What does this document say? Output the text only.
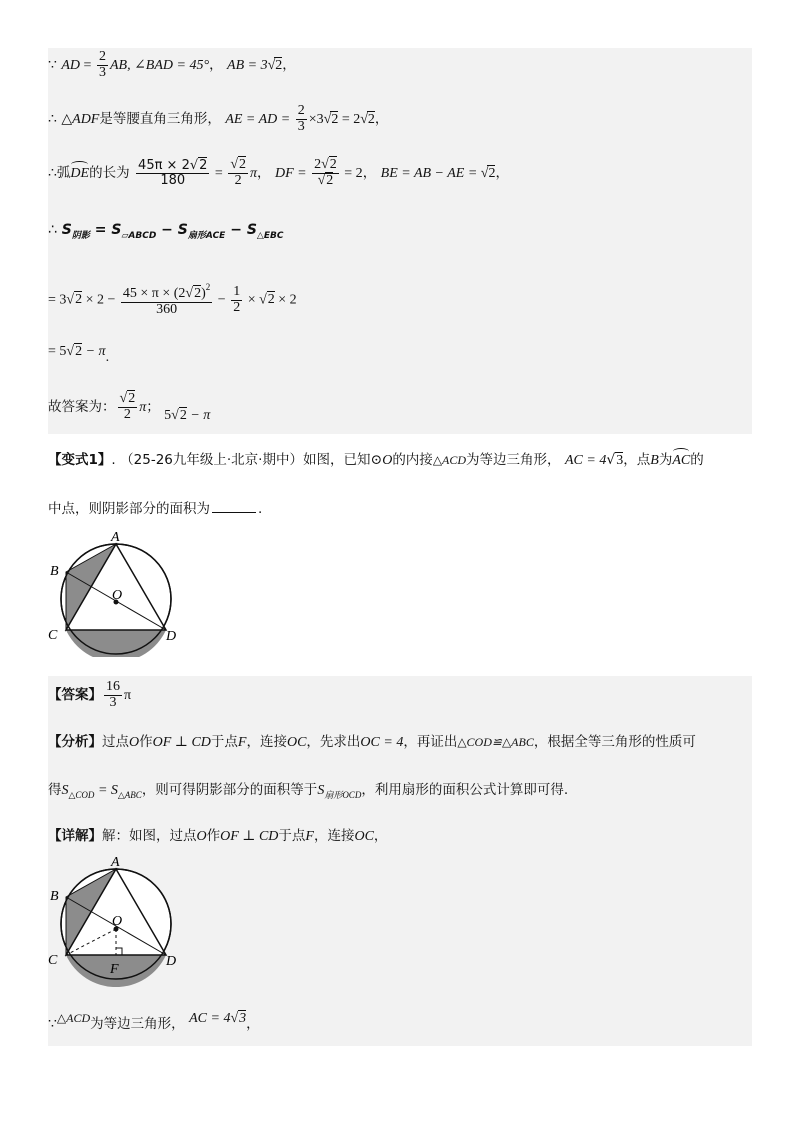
∵ AD = $\frac{2}{3}$ AB, ∠BAD = 45°， AB = 3√2，
∴ △ADF是等腰直角三角形， AE = AD = $\frac{2}{3} \times 3√2 = 2√2$，
∴弧DE的长为 $\frac{45\pi \times 2√2}{180} = \frac{√2}{2}$ π， DF = $\frac{2√2}{√2} = 2$， BE = AB − AE = √2，
∴ $S_{阴影} = S_{▱ABCD} - S_{扇形ACE} - S_{\triangle EBC}$
= $3√2 \times 2 - \frac{45 \times \pi \times (2√2)^2}{360} - \frac{1}{2} \times √2 \times 2$
= 5√2 − π.
故答案为： $\frac{√2}{2}$ π； 5√2 − π
【变式1】. （25-26九年级上·北京·期中）如图，已知⊙O的内接△ACD为等边三角形， AC = 4√3，点B为AC的
中点，则阴影部分的面积为	.
A
B
O
C	D
【答案】 $\frac{16}{3}$ π
【分析】过点O作OF ⊥ CD于点F，连接OC，先求出OC = 4，再证出△COD≌△ABC，根据全等三角形的性质可
得$S_{\triangle COD} = S_{\triangle ABC}$，则可得阴影部分的面积等于$S_{扇形OCD}$，利用扇形的面积公式计算即可得.
【详解】解：如图，过点O作OF ⊥ CD于点F，连接OC，
A
B
O
C	D
F
∵△ACD为等边三角形， AC = 4√3，
